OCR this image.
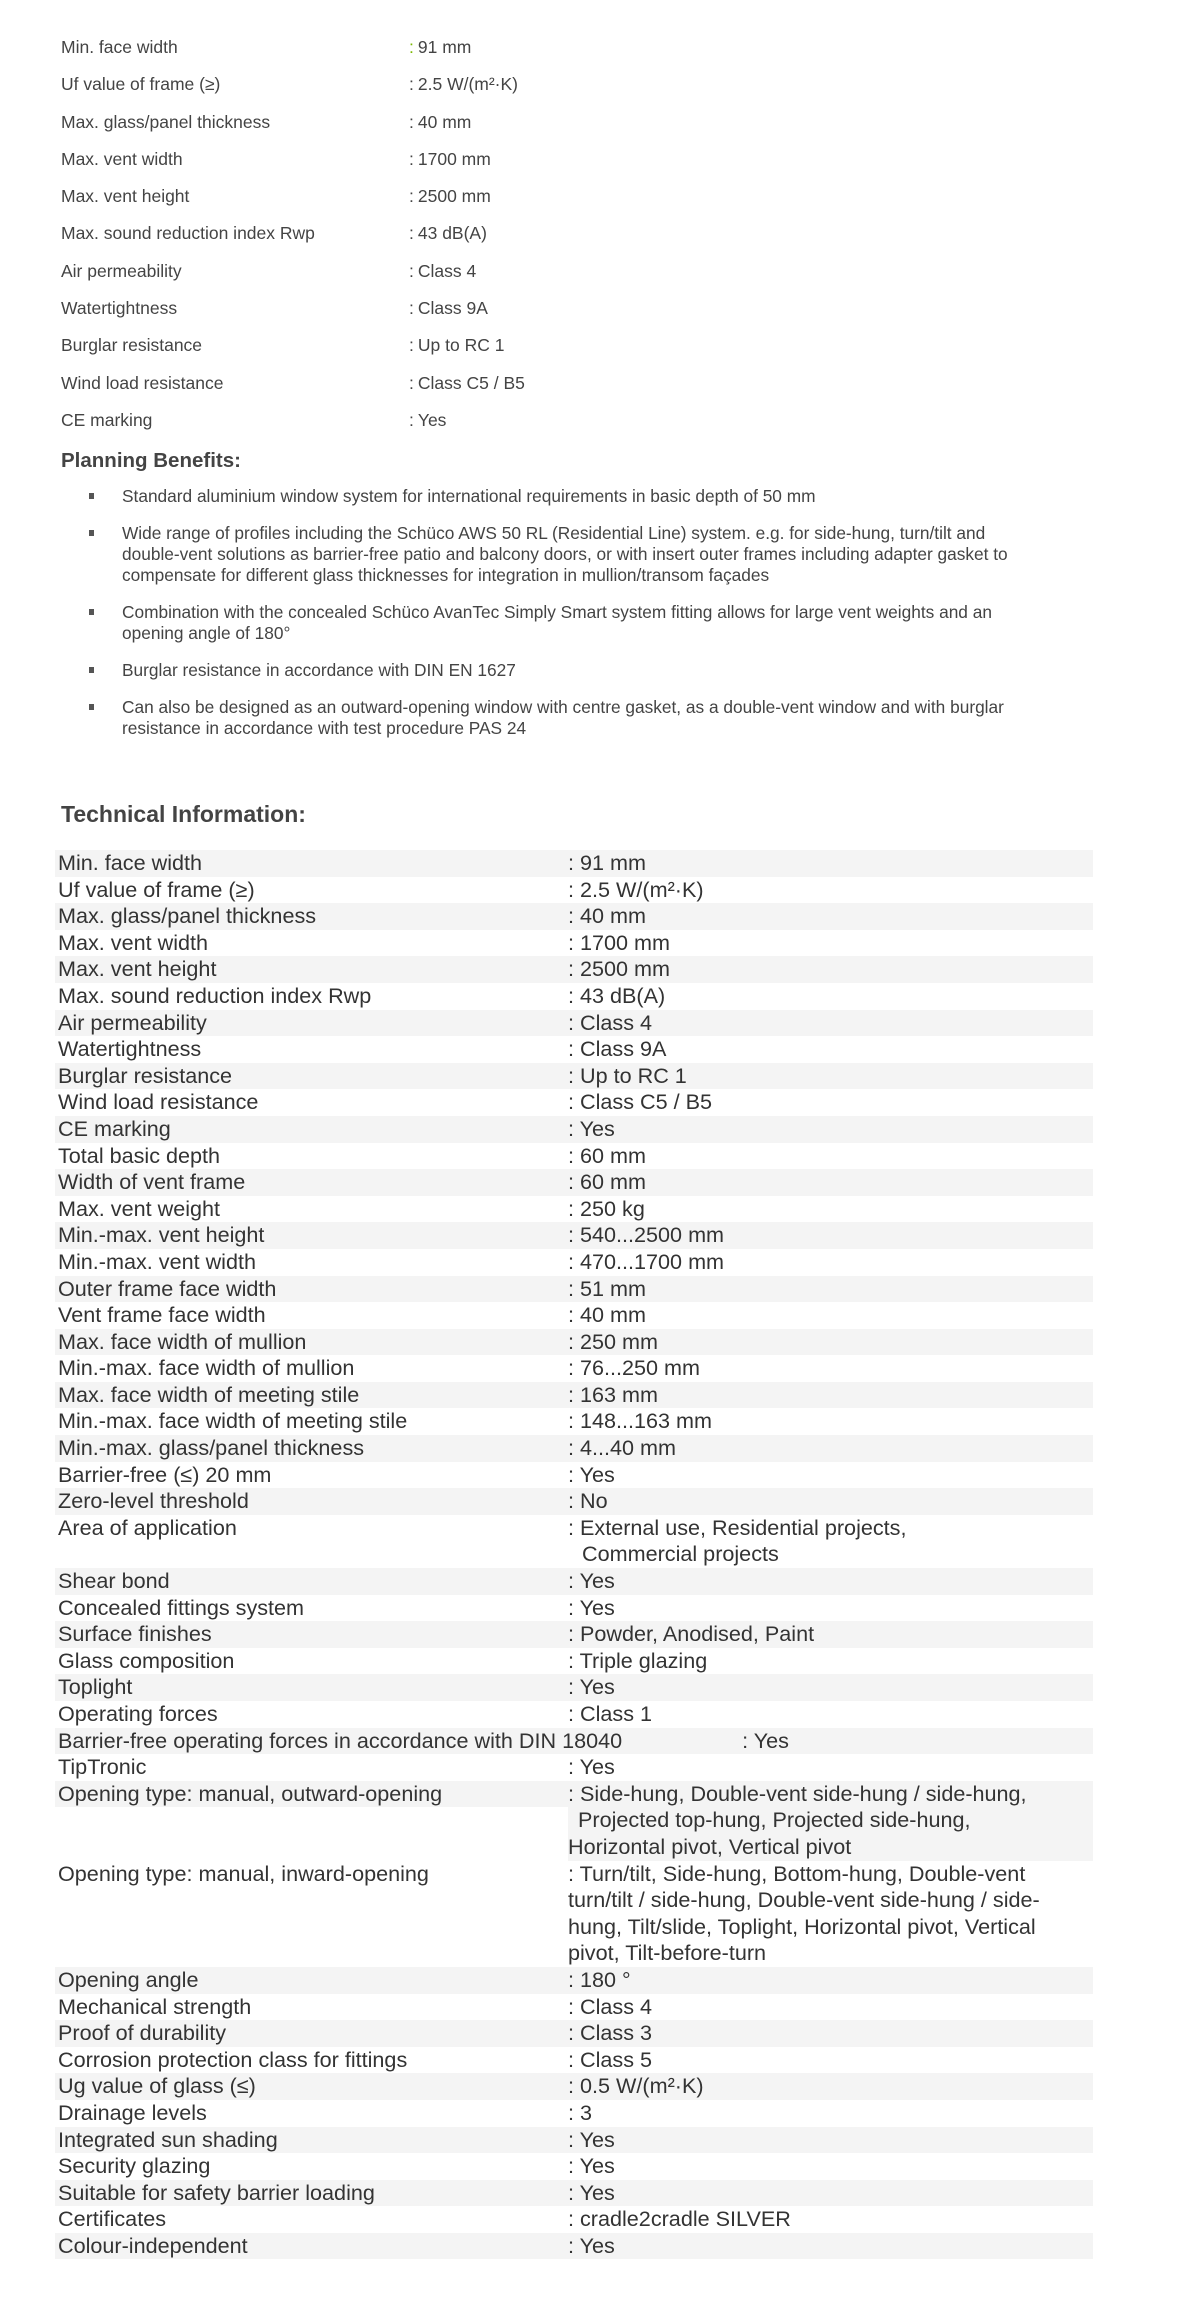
Min. face width	: 91 mm
Uf value of frame (≥)	: 2.5 W/(m²·K)
Max. glass/panel thickness	: 40 mm
Max. vent width	: 1700 mm
Max. vent height	: 2500 mm
Max. sound reduction index Rwp	: 43 dB(A)
Air permeability	: Class 4
Watertightness	: Class 9A
Burglar resistance	: Up to RC 1
Wind load resistance	: Class C5 / B5
CE marking	: Yes
Planning Benefits:
Standard aluminium window system for international requirements in basic depth of 50 mm
Wide range of profiles including the Schüco AWS 50 RL (Residential Line) system. e.g. for side-hung, turn/tilt and double-vent solutions as barrier-free patio and balcony doors, or with insert outer frames including adapter gasket to compensate for different glass thicknesses for integration in mullion/transom façades
Combination with the concealed Schüco AvanTec Simply Smart system fitting allows for large vent weights and an opening angle of 180°
Burglar resistance in accordance with DIN EN 1627
Can also be designed as an outward-opening window with centre gasket, as a double-vent window and with burglar resistance in accordance with test procedure PAS 24
Technical Information:
Min. face width	: 91 mm
Uf value of frame (≥)	: 2.5 W/(m²·K)
Max. glass/panel thickness	: 40 mm
Max. vent width	: 1700 mm
Max. vent height	: 2500 mm
Max. sound reduction index Rwp	: 43 dB(A)
Air permeability	: Class 4
Watertightness	: Class 9A
Burglar resistance	: Up to RC 1
Wind load resistance	: Class C5 / B5
CE marking	: Yes
Total basic depth	: 60 mm
Width of vent frame	: 60 mm
Max. vent weight	: 250 kg
Min.-max. vent height	: 540...2500 mm
Min.-max. vent width	: 470...1700 mm
Outer frame face width	: 51 mm
Vent frame face width	: 40 mm
Max. face width of mullion	: 250 mm
Min.-max. face width of mullion	: 76...250 mm
Max. face width of meeting stile	: 163 mm
Min.-max. face width of meeting stile	: 148...163 mm
Min.-max. glass/panel thickness	: 4...40 mm
Barrier-free (≤) 20 mm	: Yes
Zero-level threshold	: No
Area of application	: External use, Residential projects,
Commercial projects
Shear bond	: Yes
Concealed fittings system	: Yes
Surface finishes	: Powder, Anodised, Paint
Glass composition	: Triple glazing
Toplight	: Yes
Operating forces	: Class 1
Barrier-free operating forces in accordance with DIN 18040	: Yes
TipTronic	: Yes
Opening type: manual, outward-opening	: Side-hung, Double-vent side-hung / side-hung,
Projected top-hung, Projected side-hung,
Horizontal pivot, Vertical pivot
Opening type: manual, inward-opening	: Turn/tilt, Side-hung, Bottom-hung, Double-vent
turn/tilt / side-hung, Double-vent side-hung / side-
hung, Tilt/slide, Toplight, Horizontal pivot, Vertical
pivot, Tilt-before-turn
Opening angle	: 180 °
Mechanical strength	: Class 4
Proof of durability	: Class 3
Corrosion protection class for fittings	: Class 5
Ug value of glass (≤)	: 0.5 W/(m²·K)
Drainage levels	: 3
Integrated sun shading	: Yes
Security glazing	: Yes
Suitable for safety barrier loading	: Yes
Certificates	: cradle2cradle SILVER
Colour-independent	: Yes
